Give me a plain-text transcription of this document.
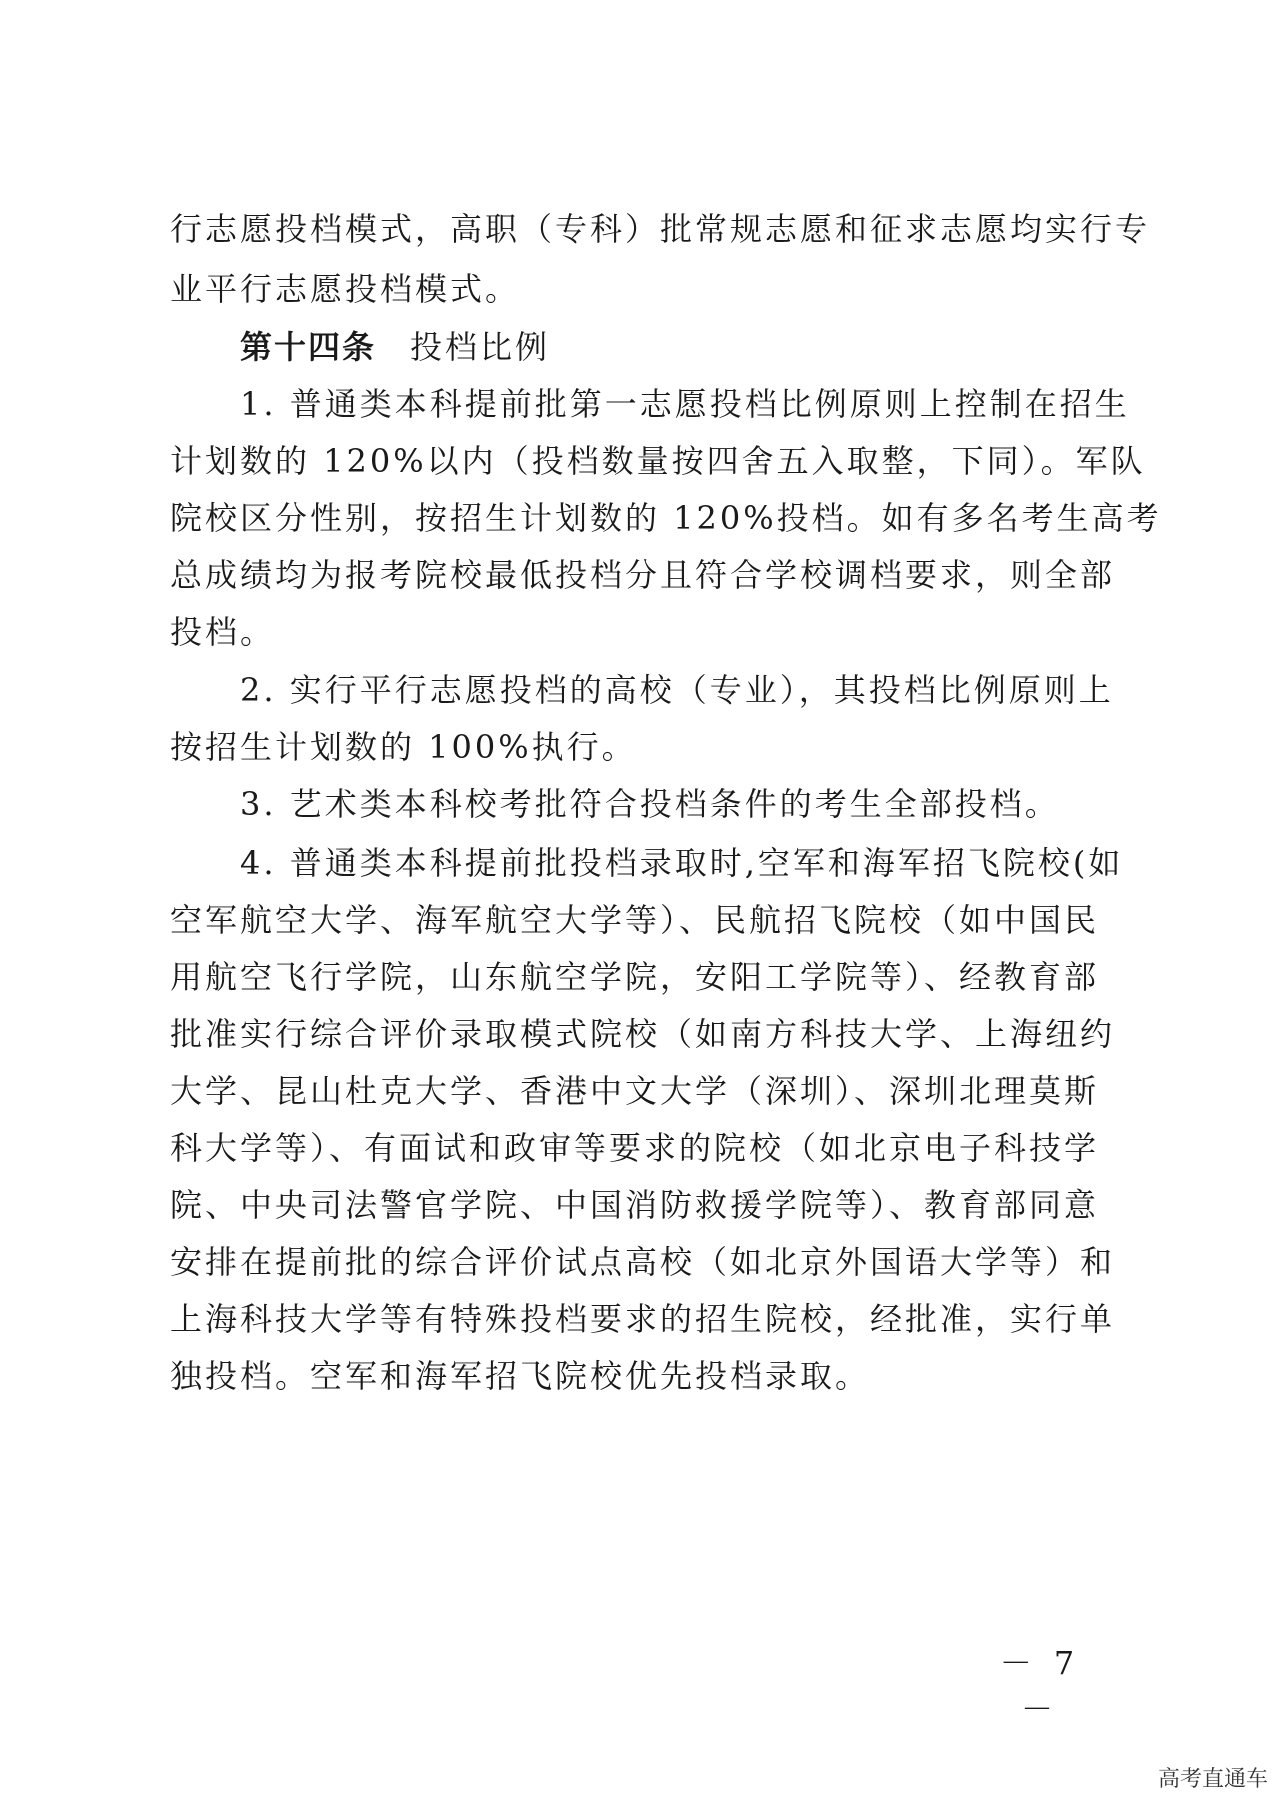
行志愿投档模式，高职（专科）批常规志愿和征求志愿均实行专
业平行志愿投档模式。
第十四条 投档比例
1. 普通类本科提前批第一志愿投档比例原则上控制在招生
计划数的 120%以内（投档数量按四舍五入取整，下同）。军队
院校区分性别，按招生计划数的 120%投档。如有多名考生高考
总成绩均为报考院校最低投档分且符合学校调档要求，则全部
投档。
2. 实行平行志愿投档的高校（专业），其投档比例原则上
按招生计划数的 100%执行。
3. 艺术类本科校考批符合投档条件的考生全部投档。
4. 普通类本科提前批投档录取时,空军和海军招飞院校(如
空军航空大学、海军航空大学等）、民航招飞院校（如中国民
用航空飞行学院，山东航空学院，安阳工学院等）、经教育部
批准实行综合评价录取模式院校（如南方科技大学、上海纽约
大学、昆山杜克大学、香港中文大学（深圳）、深圳北理莫斯
科大学等）、有面试和政审等要求的院校（如北京电子科技学
院、中央司法警官学院、中国消防救援学院等）、教育部同意
安排在提前批的综合评价试点高校（如北京外国语大学等）和
上海科技大学等有特殊投档要求的招生院校，经批准，实行单
独投档。空军和海军招飞院校优先投档录取。
－ 7 －
高考直通车
